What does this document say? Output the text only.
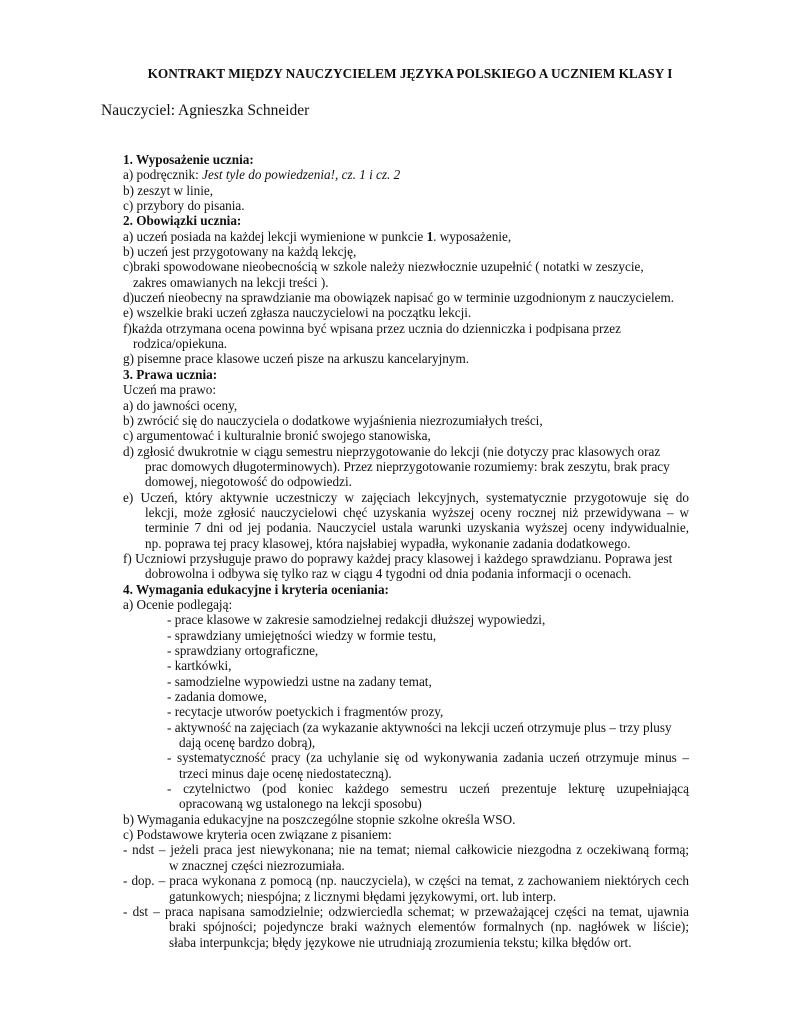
KONTRAKT MIĘDZY NAUCZYCIELEM JĘZYKA POLSKIEGO A UCZNIEM KLASY I
Nauczyciel: Agnieszka Schneider
1. Wyposażenie ucznia:
a) podręcznik: Jest tyle do powiedzenia!, cz. 1 i cz. 2
b) zeszyt w linie,
c) przybory do pisania.
2. Obowiązki ucznia:
a) uczeń posiada na każdej lekcji wymienione w punkcie 1. wyposażenie,
b) uczeń jest przygotowany na każdą lekcję,
c)braki spowodowane nieobecnością w szkole należy niezwłocznie uzupełnić ( notatki w zeszycie,
zakres omawianych na lekcji treści ).
d)uczeń nieobecny na sprawdzianie ma obowiązek napisać go w terminie uzgodnionym z nauczycielem.
e) wszelkie braki uczeń zgłasza nauczycielowi na początku lekcji.
f)każda otrzymana ocena powinna być wpisana przez ucznia do dzienniczka i podpisana przez
rodzica/opiekuna.
g) pisemne prace klasowe uczeń pisze na arkuszu kancelaryjnym.
3. Prawa ucznia:
Uczeń ma prawo:
a) do jawności oceny,
b) zwrócić się do nauczyciela o dodatkowe wyjaśnienia niezrozumiałych treści,
c) argumentować i kulturalnie bronić swojego stanowiska,
d) zgłosić dwukrotnie w ciągu semestru nieprzygotowanie do lekcji (nie dotyczy prac klasowych oraz
prac domowych długoterminowych). Przez nieprzygotowanie rozumiemy: brak zeszytu, brak pracy
domowej, niegotowość do odpowiedzi.
e) Uczeń, który aktywnie uczestniczy w zajęciach lekcyjnych, systematycznie przygotowuje się do
lekcji, może zgłosić nauczycielowi chęć uzyskania wyższej oceny rocznej niż przewidywana – w
terminie 7 dni od jej podania. Nauczyciel ustala warunki uzyskania wyższej oceny indywidualnie,
np. poprawa tej pracy klasowej, która najsłabiej wypadła, wykonanie zadania dodatkowego.
f) Uczniowi przysługuje prawo do poprawy każdej pracy klasowej i każdego sprawdzianu. Poprawa jest
dobrowolna i odbywa się tylko raz w ciągu 4 tygodni od dnia podania informacji o ocenach.
4. Wymagania edukacyjne i kryteria oceniania:
a) Ocenie podlegają:
- prace klasowe w zakresie samodzielnej redakcji dłuższej wypowiedzi,
- sprawdziany umiejętności wiedzy w formie testu,
- sprawdziany ortograficzne,
- kartkówki,
- samodzielne wypowiedzi ustne na zadany temat,
- zadania domowe,
- recytacje utworów poetyckich i fragmentów prozy,
- aktywność na zajęciach (za wykazanie aktywności na lekcji uczeń otrzymuje plus – trzy plusy
dają ocenę bardzo dobrą),
- systematyczność pracy (za uchylanie się od wykonywania zadania uczeń otrzymuje minus –
trzeci minus daje ocenę niedostateczną).
- czytelnictwo (pod koniec każdego semestru uczeń prezentuje lekturę uzupełniającą
opracowaną wg ustalonego na lekcji sposobu)
b) Wymagania edukacyjne na poszczególne stopnie szkolne określa WSO.
c) Podstawowe kryteria ocen związane z pisaniem:
- ndst – jeżeli praca jest niewykonana; nie na temat; niemal całkowicie niezgodna z oczekiwaną formą;
w znacznej części niezrozumiała.
- dop. – praca wykonana z pomocą (np. nauczyciela), w części na temat, z zachowaniem niektórych cech
gatunkowych; niespójna; z licznymi błędami językowymi, ort. lub interp.
- dst – praca napisana samodzielnie; odzwierciedla schemat; w przeważającej części na temat, ujawnia
braki spójności; pojedyncze braki ważnych elementów formalnych (np. nagłówek w liście);
słaba interpunkcja; błędy językowe nie utrudniają zrozumienia tekstu; kilka błędów ort.
